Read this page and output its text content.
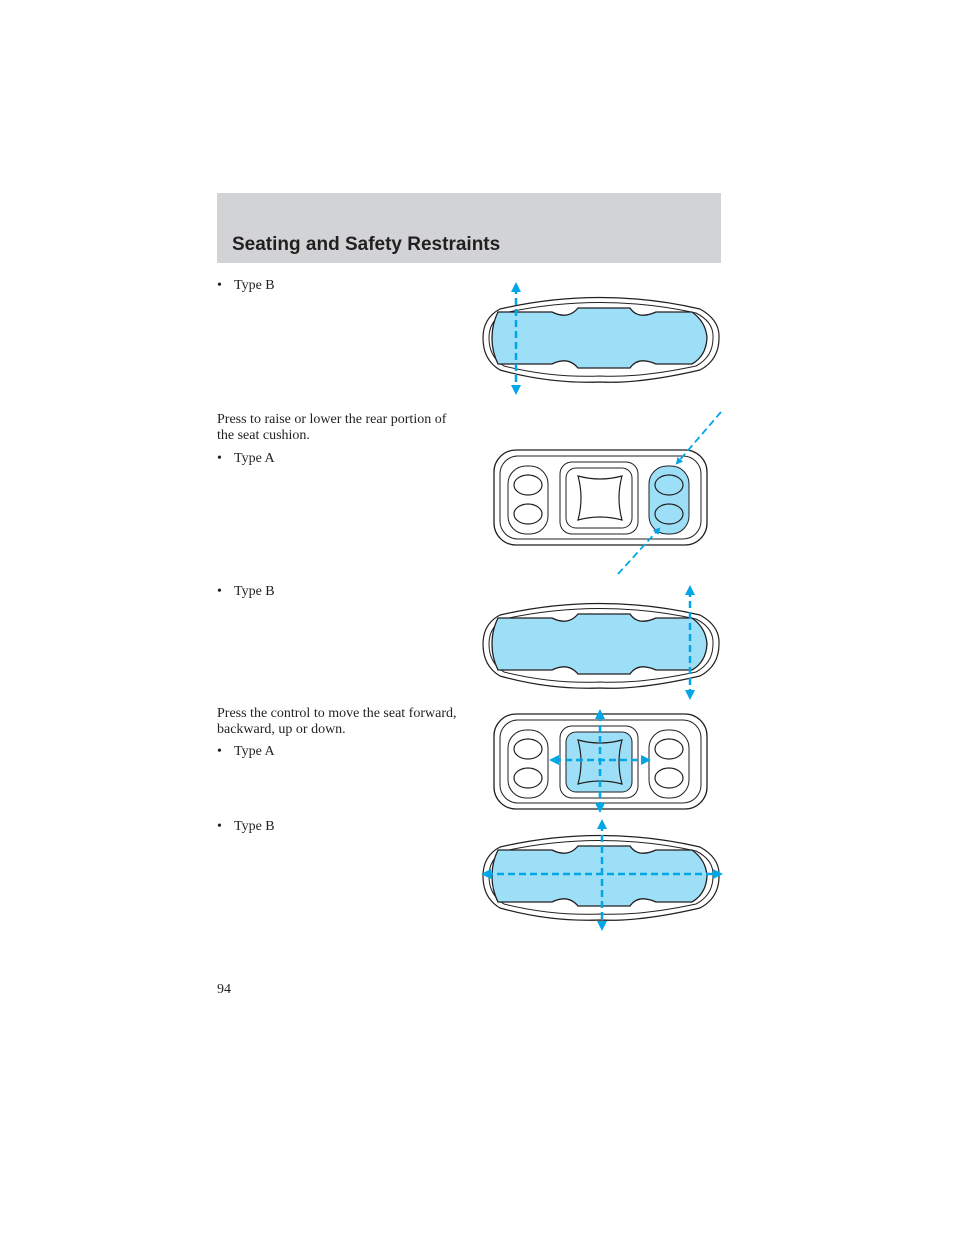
Seating and Safety Restraints
• Type B

Press to raise or lower the rear portion of the seat cushion.

• Type A
• Type B

Press the control to move the seat forward, backward, up or down.

• Type A
• Type B
94
